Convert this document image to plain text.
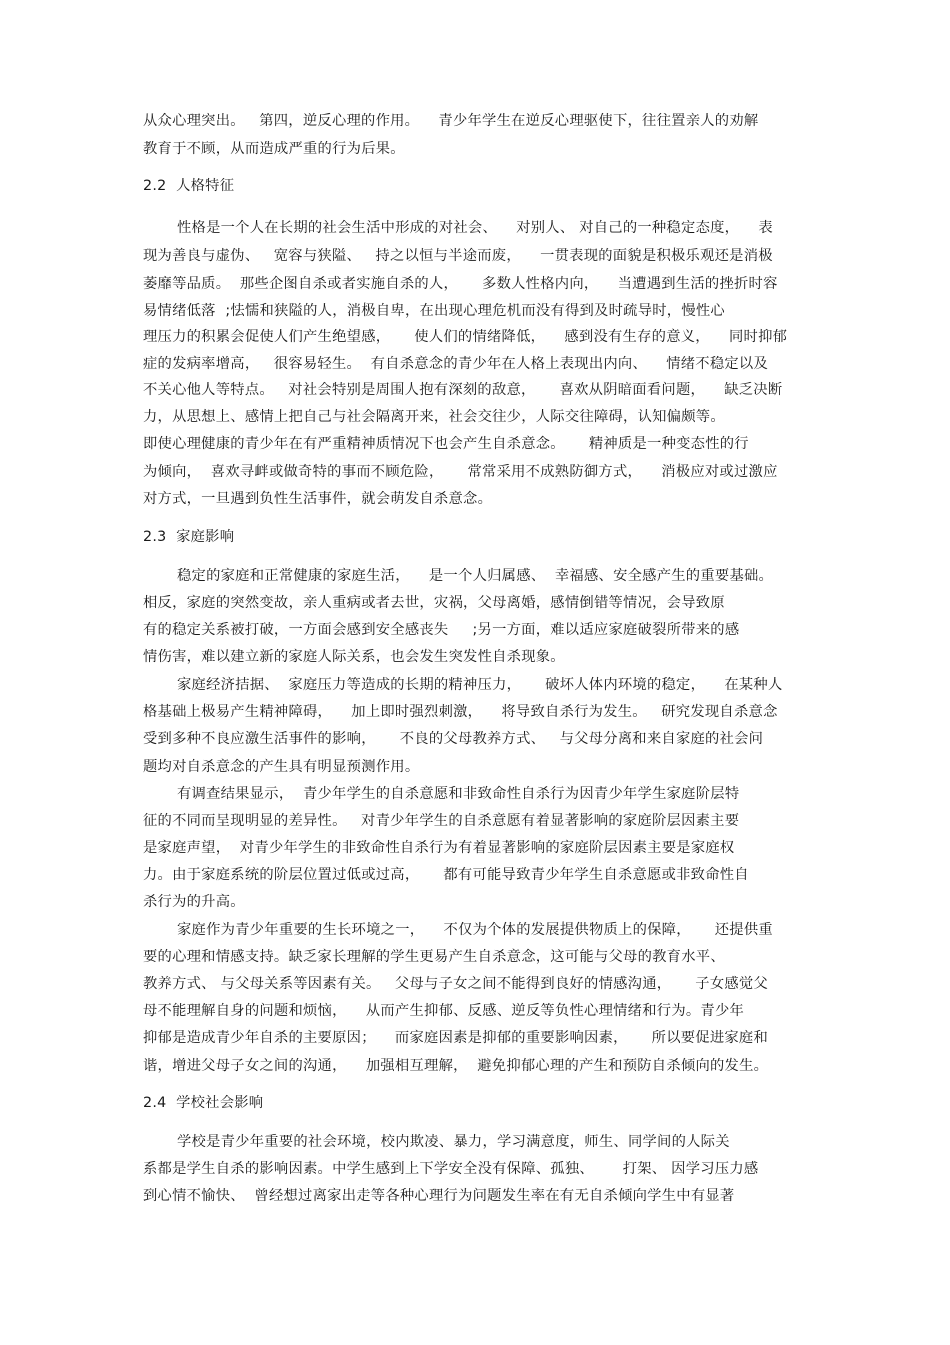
从众心理突出。   第四，逆反心理的作用。    青少年学生在逆反心理驱使下，往往置亲人的劝解
教育于不顾，从而造成严重的行为后果。
2.2  人格特征
性格是一个人在长期的社会生活中形成的对社会、    对别人、 对自己的一种稳定态度，    表
现为善良与虚伪、   宽容与狭隘、   持之以恒与半途而废，    一贯表现的面貌是积极乐观还是消极
萎靡等品质。  那些企图自杀或者实施自杀的人，     多数人性格内向，    当遭遇到生活的挫折时容
易情绪低落  ;怯懦和狭隘的人，消极自卑，在出现心理危机而没有得到及时疏导时，慢性心
理压力的积累会促使人们产生绝望感，     使人们的情绪降低，    感到没有生存的意义，    同时抑郁
症的发病率增高，   很容易轻生。  有自杀意念的青少年在人格上表现出内向、    情绪不稳定以及
不关心他人等特点。   对社会特别是周围人抱有深刻的敌意，     喜欢从阴暗面看问题，    缺乏决断
力，从思想上、感情上把自己与社会隔离开来，社会交往少，人际交往障碍，认知偏颇等。
即使心理健康的青少年在有严重精神质情况下也会产生自杀意念。     精神质是一种变态性的行
为倾向，  喜欢寻衅或做奇特的事而不顾危险，     常常采用不成熟防御方式，    消极应对或过激应
对方式，一旦遇到负性生活事件，就会萌发自杀意念。
2.3  家庭影响
稳定的家庭和正常健康的家庭生活，    是一个人归属感、  幸福感、安全感产生的重要基础。
相反，家庭的突然变故，亲人重病或者去世，灾祸，父母离婚，感情倒错等情况，会导致原
有的稳定关系被打破，一方面会感到安全感丧失     ;另一方面，难以适应家庭破裂所带来的感
情伤害，难以建立新的家庭人际关系，也会发生突发性自杀现象。
家庭经济拮据、  家庭压力等造成的长期的精神压力，     破坏人体内环境的稳定，    在某种人
格基础上极易产生精神障碍，    加上即时强烈刺激，    将导致自杀行为发生。   研究发现自杀意念
受到多种不良应激生活事件的影响，     不良的父母教养方式、   与父母分离和来自家庭的社会问
题均对自杀意念的产生具有明显预测作用。
有调查结果显示，  青少年学生的自杀意愿和非致命性自杀行为因青少年学生家庭阶层特
征的不同而呈现明显的差异性。   对青少年学生的自杀意愿有着显著影响的家庭阶层因素主要
是家庭声望，  对青少年学生的非致命性自杀行为有着显著影响的家庭阶层因素主要是家庭权
力。由于家庭系统的阶层位置过低或过高，     都有可能导致青少年学生自杀意愿或非致命性自
杀行为的升高。
家庭作为青少年重要的生长环境之一，    不仅为个体的发展提供物质上的保障，     还提供重
要的心理和情感支持。缺乏家长理解的学生更易产生自杀意念，这可能与父母的教育水平、
教养方式、 与父母关系等因素有关。   父母与子女之间不能得到良好的情感沟通，     子女感觉父
母不能理解自身的问题和烦恼，    从而产生抑郁、反感、逆反等负性心理情绪和行为。青少年
抑郁是造成青少年自杀的主要原因；    而家庭因素是抑郁的重要影响因素，     所以要促进家庭和
谐，增进父母子女之间的沟通，    加强相互理解，  避免抑郁心理的产生和预防自杀倾向的发生。
2.4  学校社会影响
学校是青少年重要的社会环境，校内欺凌、暴力，学习满意度，师生、同学间的人际关
系都是学生自杀的影响因素。中学生感到上下学安全没有保障、孤独、      打架、 因学习压力感
到心情不愉快、  曾经想过离家出走等各种心理行为问题发生率在有无自杀倾向学生中有显著
